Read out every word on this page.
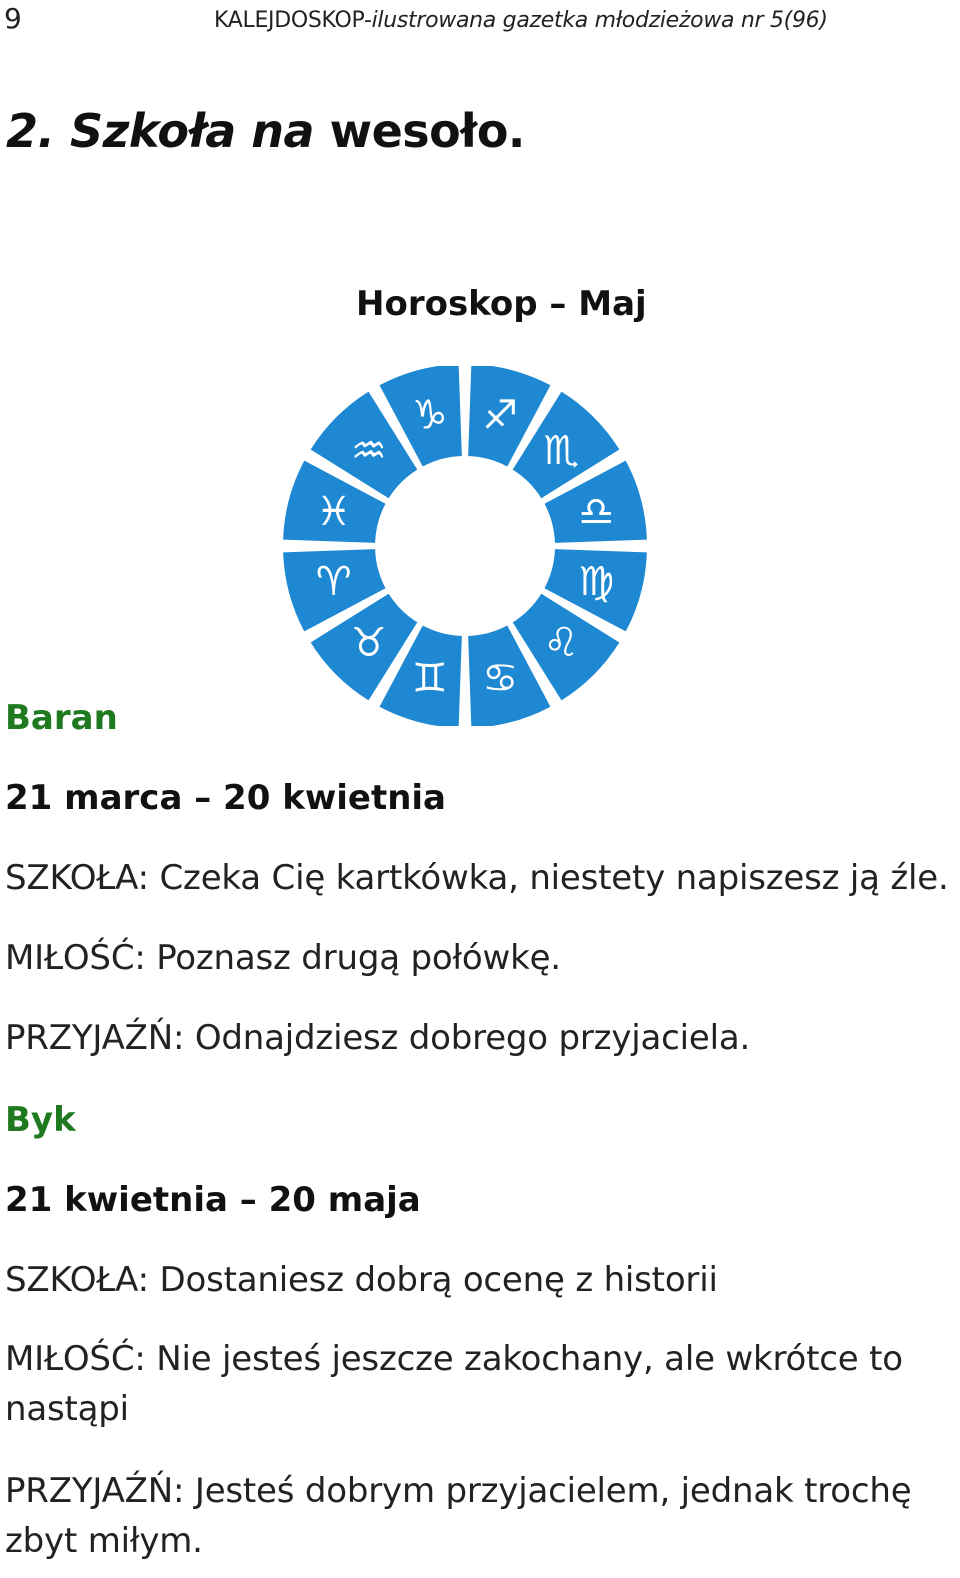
9	KALEJDOSKOP-ilustrowana gazetka młodzieżowa nr 5(96)
2. Szkoła na wesoło.
Horoskop – Maj
♑ ♐
♏
♎
♍
♌
♋
♊
♉
♈
♓
♒
Baran
21 marca – 20 kwietnia
SZKOŁA: Czeka Cię kartkówka, niestety napiszesz ją źle.
MIŁOŚĆ: Poznasz drugą połówkę.
PRZYJAŹŃ: Odnajdziesz dobrego przyjaciela.
Byk
21 kwietnia – 20 maja
SZKOŁA: Dostaniesz dobrą ocenę z historii
MIŁOŚĆ: Nie jesteś jeszcze zakochany, ale wkrótce to nastąpi
PRZYJAŹŃ: Jesteś dobrym przyjacielem, jednak trochę zbyt miłym.
